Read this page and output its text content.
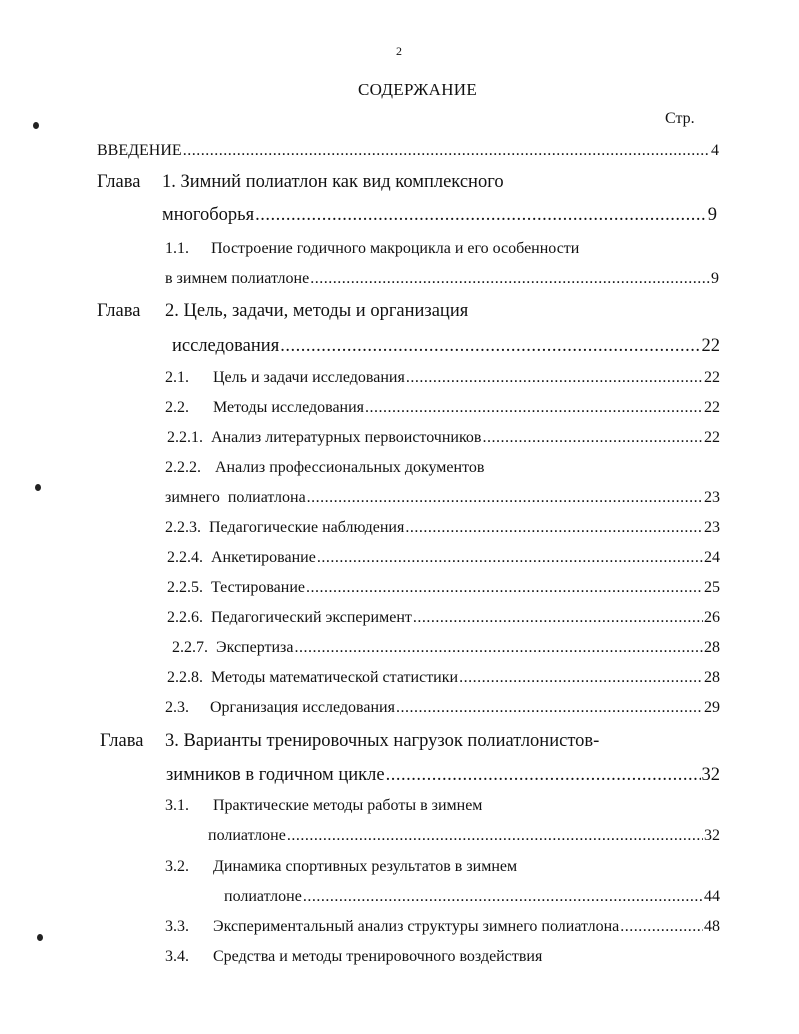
2
СОДЕРЖАНИЕ
Стр.
ВВЕДЕНИЕ .....	4
Глава 1. Зимний полиатлон как вид комплексного
многоборья .....	9
1.1. Построение годичного макроцикла и его особенности
в зимнем полиатлоне .....	9
Глава 2. Цель, задачи, методы и организация
исследования .....	22
2.1.	Цель и задачи исследования .....	22
2.2.	Методы исследования .....	22
2.2.1. Анализ литературных первоисточников .....	22
2.2.2. Анализ профессиональных документов
зимнего  полиатлона .....	23
2.2.3. Педагогические наблюдения .....	23
2.2.4. Анкетирование .....	24
2.2.5. Тестирование .....	25
2.2.6. Педагогический эксперимент .....	26
2.2.7. Экспертиза .....	28
2.2.8. Методы математической статистики .....	28
2.3.	Организация исследования .....	29
Глава 3. Варианты тренировочных нагрузок полиатлонистов-
зимников в годичном цикле .....	32
3.1. Практические методы работы в зимнем
полиатлоне .....	32
3.2. Динамика спортивных результатов в зимнем
полиатлоне .....	44
3.3.	Экспериментальный анализ структуры зимнего полиатлона .....	48
3.4. Средства и методы тренировочного воздействия
